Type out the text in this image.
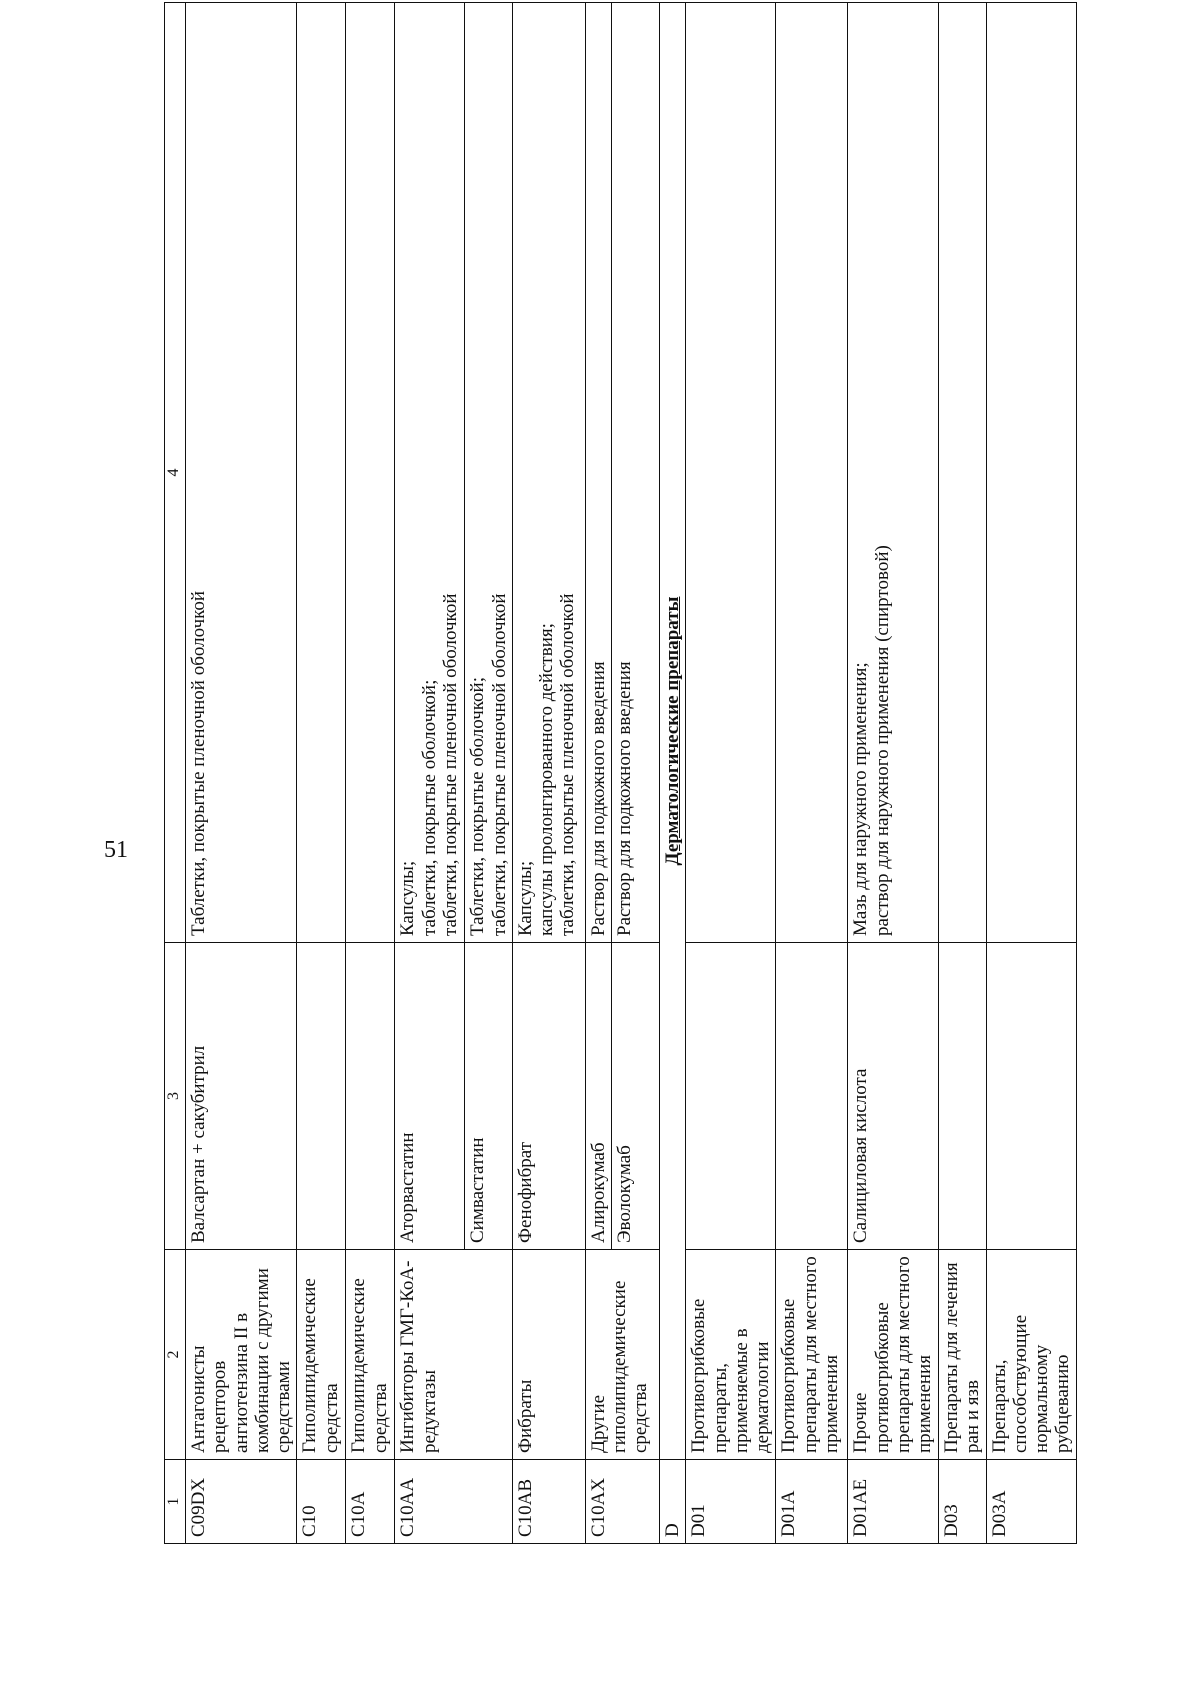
51
1	2	3	4
C09DX	Антагонисты рецепторов ангиотензина II в комбинации с другими средствами	Валсартан + сакубитрил	Таблетки, покрытые пленочной оболочкой
C10	Гиполипидемические средства		
C10A	Гиполипидемические средства		
C10AA	Ингибиторы ГМГ-КоА-редуктазы	Аторвастатин	Капсулы;
таблетки, покрытые оболочкой;
таблетки, покрытые пленочной оболочкой
		Симвастатин	Таблетки, покрытые оболочкой;
таблетки, покрытые пленочной оболочкой
C10AB	Фибраты	Фенофибрат	Капсулы;
капсулы пролонгированного действия;
таблетки, покрытые пленочной оболочкой
C10AX	Другие гиполипидемические средства	Алирокумаб	Раствор для подкожного введения
		Эволокумаб	Раствор для подкожного введения
D	Дерматологические препараты		
D01	Противогрибковые препараты, применяемые в дерматологии		
D01A	Противогрибковые препараты для местного применения		
D01AE	Прочие противогрибковые препараты для местного применения	Салициловая кислота	Мазь для наружного применения;
раствор для наружного применения (спиртовой)
D03	Препараты для лечения ран и язв		
D03A	Препараты, способствующие нормальному рубцеванию		
